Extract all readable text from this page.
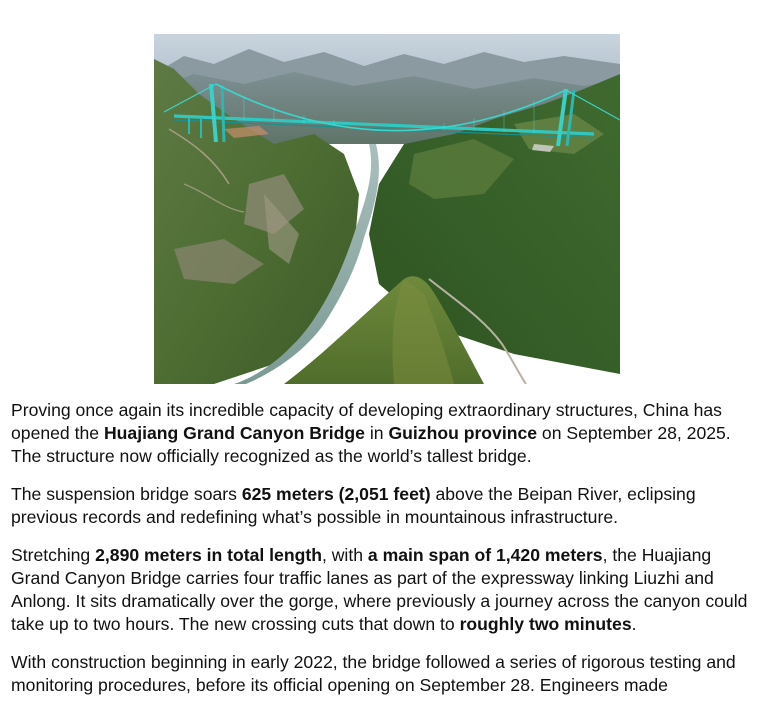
Proving once again its incredible capacity of developing extraordinary structures, China has opened the Huajiang Grand Canyon Bridge in Guizhou province on September 28, 2025. The structure now officially recognized as the world’s tallest bridge.

The suspension bridge soars 625 meters (2,051 feet) above the Beipan River, eclipsing previous records and redefining what’s possible in mountainous infrastructure.

Stretching 2,890 meters in total length, with a main span of 1,420 meters, the Huajiang Grand Canyon Bridge carries four traffic lanes as part of the expressway linking Liuzhi and Anlong. It sits dramatically over the gorge, where previously a journey across the canyon could take up to two hours. The new crossing cuts that down to roughly two minutes.

With construction beginning in early 2022, the bridge followed a series of rigorous testing and monitoring procedures, before its official opening on September 28. Engineers made
